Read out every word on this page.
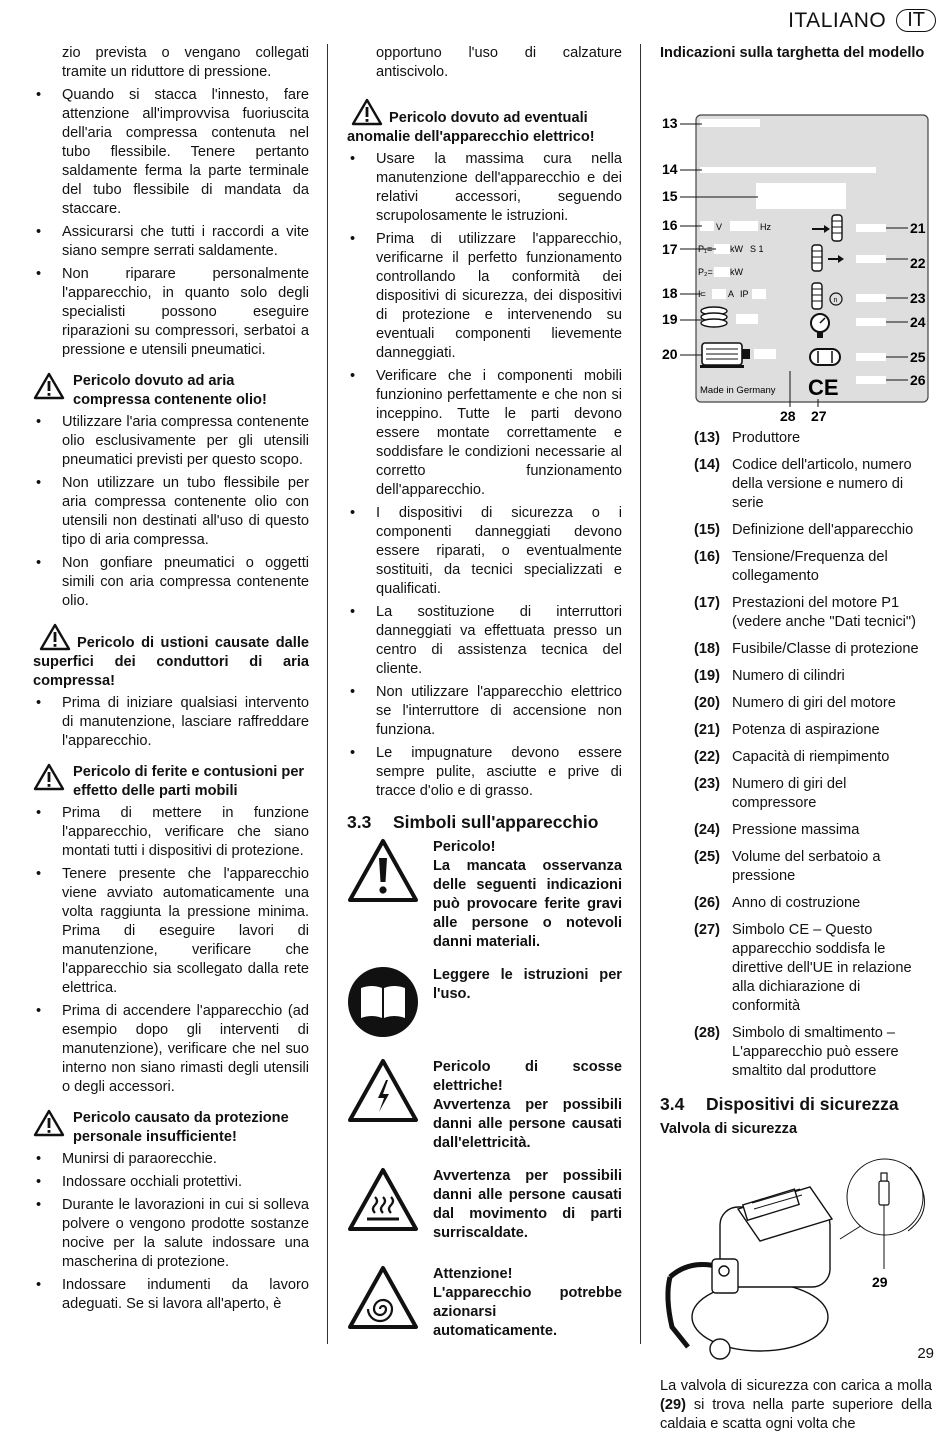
ITALIANO	IT

zio prevista o vengano collegati tramite un riduttore di pressione.

• Quando si stacca l'innesto, fare attenzione all'improvvisa fuoriuscita dell'aria compressa contenuta nel tubo flessibile. Tenere pertanto saldamente ferma la parte terminale del tubo flessibile di mandata da staccare.
• Assicurarsi che tutti i raccordi a vite siano sempre serrati saldamente.
• Non riparare personalmente l'apparecchio, in quanto solo degli specialisti possono eseguire riparazioni su compressori, serbatoi a pressione e utensili pneumatici.
Pericolo dovuto ad aria compressa contenente olio!
• Utilizzare l'aria compressa contenente olio esclusivamente per gli utensili pneumatici previsti per questo scopo.
• Non utilizzare un tubo flessibile per aria compressa contenente olio con utensili non destinati all'uso di questo tipo di aria compressa.
• Non gonfiare pneumatici o oggetti simili con aria compressa contenente olio.
Pericolo di ustioni causate dalle superfici dei conduttori di aria compressa!
• Prima di iniziare qualsiasi intervento di manutenzione, lasciare raffreddare l'apparecchio.
Pericolo di ferite e contusioni per effetto delle parti mobili
• Prima di mettere in funzione l'apparecchio, verificare che siano montati tutti i dispositivi di protezione.
• Tenere presente che l'apparecchio viene avviato automaticamente una volta raggiunta la pressione minima. Prima di eseguire lavori di manutenzione, verificare che l'apparecchio sia scollegato dalla rete elettrica.
• Prima di accendere l'apparecchio (ad esempio dopo gli interventi di manutenzione), verificare che nel suo interno non siano rimasti degli utensili o degli accessori.
Pericolo causato da protezione personale insufficiente!
• Munirsi di paraorecchie.
• Indossare occhiali protettivi.
• Durante le lavorazioni in cui si sollevа polvere o vengono prodotte sostanze nocive per la salute indossare una mascherina di protezione.
• Indossare indumenti da lavoro adeguati. Se si lavora all'aperto, è

opportuno l'uso di calzature antiscivolo.

Pericolo dovuto ad eventuali anomalie dell'apparecchio elettrico!
• Usare la massima cura nella manutenzione dell'apparecchio e dei relativi accessori, seguendo scrupolosamente le istruzioni.
• Prima di utilizzare l'apparecchio, verificarne il perfetto funzionamento controllando la conformità dei dispositivi di sicurezza, dei dispositivi di protezione e intervenendo su eventuali componenti lievemente danneggiati.
• Verificare che i componenti mobili funzionino perfettamente e che non si inceppino. Tutte le parti devono essere montate correttamente e soddisfare le condizioni necessarie al corretto funzionamento dell'apparecchio.
• I dispositivi di sicurezza o i componenti danneggiati devono essere riparati, o eventualmente sostituiti, da tecnici specializzati e qualificati.
• La sostituzione di interruttori danneggiati va effettuata presso un centro di assistenza tecnica del cliente.
• Non utilizzare l'apparecchio elettrico se l'interruttore di accensione non funziona.
• Le impugnature devono essere sempre pulite, asciutte e prive di tracce d'olio e di grasso.
3.3 Simboli sull'apparecchio
Pericolo!
La mancata osservanza delle seguenti indicazioni può provocare ferite gravi alle persone o notevoli danni materiali.
Leggere le istruzioni per l'uso.
Pericolo di scosse elettriche!
Avvertenza per possibili danni alle persone causati dall'elettricità.
Avvertenza per possibili danni alle persone causati dal movimento di parti surriscaldate.
Attenzione!
L'apparecchio potrebbe azionarsi automaticamente.
Indicazioni sulla targhetta del modello
V	Hz
P₁= kW S 1
P₂= kW
I= A IP
Made in Germany
n
CE
13
14
15
16
17
18
19
20
21
22
23
24
25
26
28 27
(13) Produttore
(14) Codice dell'articolo, numero della versione e numero di serie
(15) Definizione dell'apparecchio
(16) Tensione/Frequenza del collegamento
(17) Prestazioni del motore P1 (vedere anche "Dati tecnici")
(18) Fusibile/Classe di protezione
(19) Numero di cilindri
(20) Numero di giri del motore
(21) Potenza di aspirazione
(22) Capacità di riempimento
(23) Numero di giri del compressore
(24) Pressione massima
(25) Volume del serbatoio a pressione
(26) Anno di costruzione
(27) Simbolo CE – Questo apparecchio soddisfa le direttive dell'UE in relazione alla dichiarazione di conformità
(28) Simbolo di smaltimento – L'apparecchio può essere smaltito dal produttore
3.4 Dispositivi di sicurezza
Valvola di sicurezza
29

La valvola di sicurezza con carica a molla (29) si trova nella parte superiore della caldaia e scatta ogni volta che

29
